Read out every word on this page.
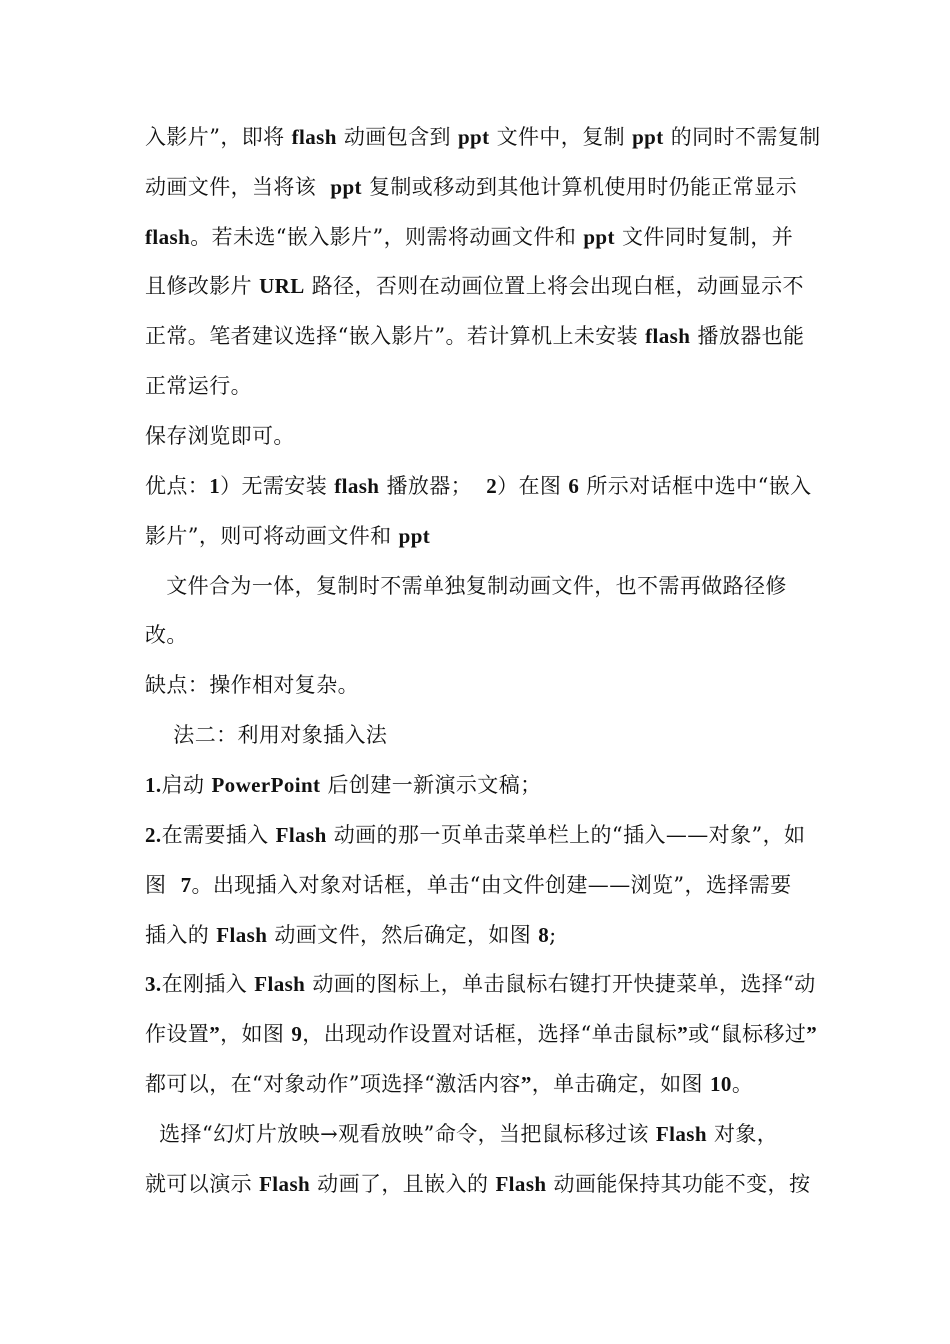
入影片”，即将 flash 动画包含到 ppt 文件中，复制 ppt 的同时不需复制
动画文件，当将该  ppt 复制或移动到其他计算机使用时仍能正常显示
flash。若未选“嵌入影片”，则需将动画文件和 ppt 文件同时复制，并
且修改影片 URL 路径，否则在动画位置上将会出现白框，动画显示不
正常。笔者建议选择“嵌入影片”。若计算机上未安装 flash 播放器也能
正常运行。
保存浏览即可。
优点：1）无需安装 flash 播放器；  2）在图 6 所示对话框中选中“嵌入
影片”，则可将动画文件和 ppt
文件合为一体，复制时不需单独复制动画文件，也不需再做路径修
改。
缺点：操作相对复杂。
法二：利用对象插入法
1.启动 PowerPoint 后创建一新演示文稿；
2.在需要插入 Flash 动画的那一页单击菜单栏上的“插入——对象”，如
图  7。出现插入对象对话框，单击“由文件创建——浏览”，选择需要
插入的 Flash 动画文件，然后确定，如图 8;
3.在刚插入 Flash 动画的图标上，单击鼠标右键打开快捷菜单，选择“动
作设置”，如图 9，出现动作设置对话框，选择“单击鼠标”或“鼠标移过”
都可以，在“对象动作”项选择“激活内容”，单击确定，如图 10。
选择“幻灯片放映→观看放映”命令，当把鼠标移过该 Flash 对象，
就可以演示 Flash 动画了，且嵌入的 Flash 动画能保持其功能不变，按
